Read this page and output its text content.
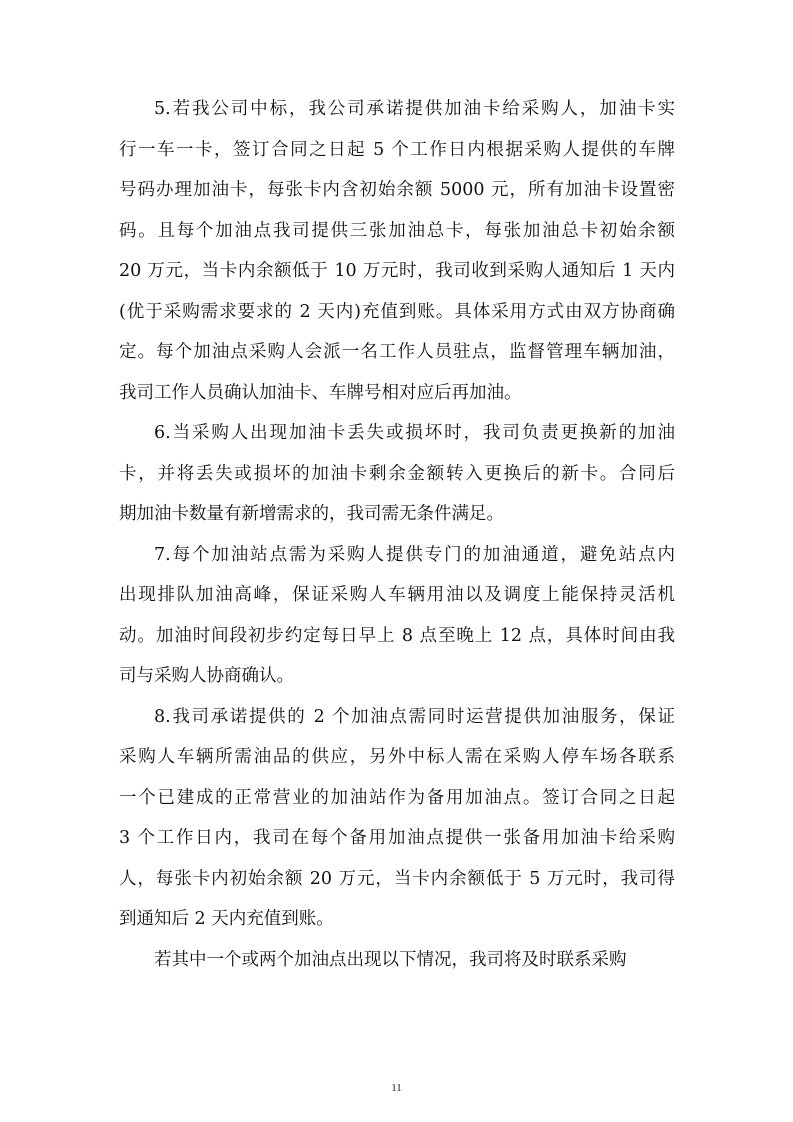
5.若我公司中标，我公司承诺提供加油卡给采购人，加油卡实
行一车一卡，签订合同之日起 5 个工作日内根据采购人提供的车牌
号码办理加油卡，每张卡内含初始余额 5000 元，所有加油卡设置密
码。且每个加油点我司提供三张加油总卡，每张加油总卡初始余额
20 万元，当卡内余额低于 10 万元时，我司收到采购人通知后 1 天内
(优于采购需求要求的 2 天内)充值到账。具体采用方式由双方协商确
定。每个加油点采购人会派一名工作人员驻点，监督管理车辆加油，
我司工作人员确认加油卡、车牌号相对应后再加油。
6.当采购人出现加油卡丢失或损坏时，我司负责更换新的加油
卡，并将丢失或损坏的加油卡剩余金额转入更换后的新卡。合同后
期加油卡数量有新增需求的，我司需无条件满足。
7.每个加油站点需为采购人提供专门的加油通道，避免站点内
出现排队加油高峰，保证采购人车辆用油以及调度上能保持灵活机
动。加油时间段初步约定每日早上 8 点至晚上 12 点，具体时间由我
司与采购人协商确认。
8.我司承诺提供的 2 个加油点需同时运营提供加油服务，保证
采购人车辆所需油品的供应，另外中标人需在采购人停车场各联系
一个已建成的正常营业的加油站作为备用加油点。签订合同之日起
3 个工作日内，我司在每个备用加油点提供一张备用加油卡给采购
人，每张卡内初始余额 20 万元，当卡内余额低于 5 万元时，我司得
到通知后 2 天内充值到账。
若其中一个或两个加油点出现以下情况，我司将及时联系采购
11
